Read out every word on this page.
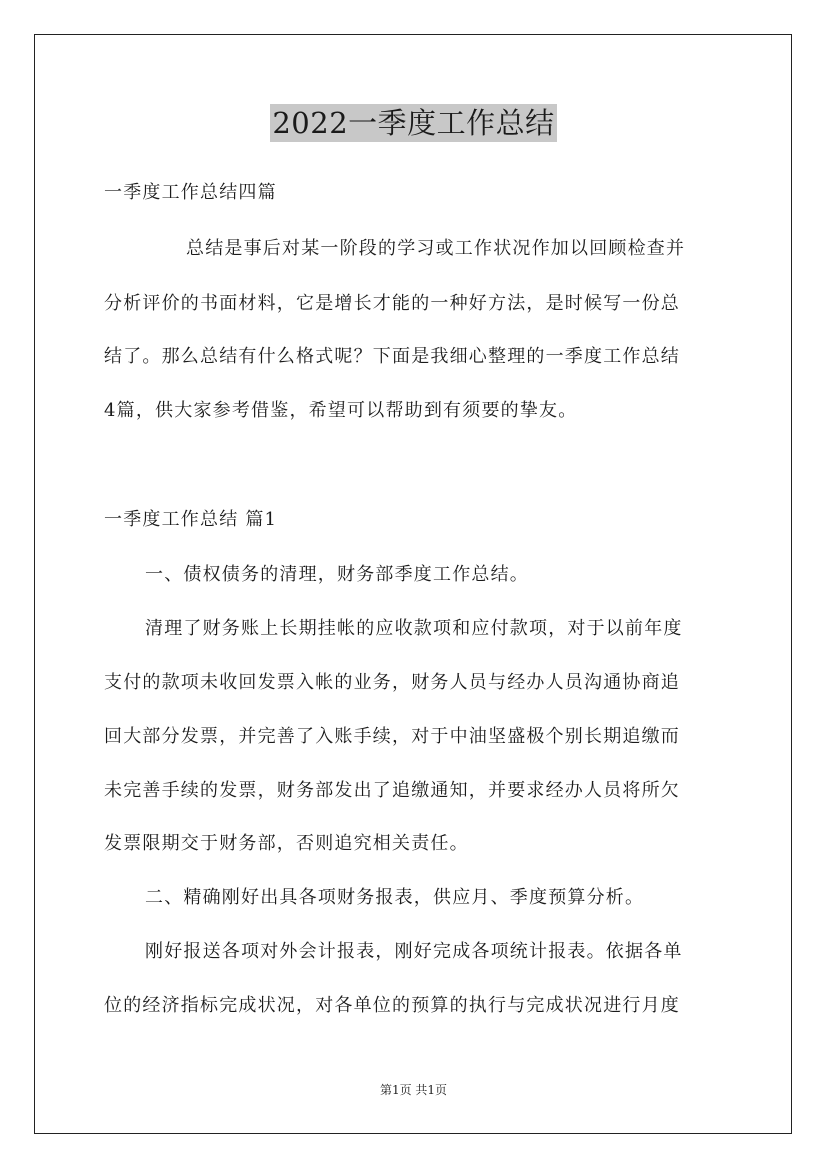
2022一季度工作总结
一季度工作总结四篇
总结是事后对某一阶段的学习或工作状况作加以回顾检查并
分析评价的书面材料，它是增长才能的一种好方法，是时候写一份总
结了。那么总结有什么格式呢？下面是我细心整理的一季度工作总结
4篇，供大家参考借鉴，希望可以帮助到有须要的挚友。
一季度工作总结 篇1
一、债权债务的清理，财务部季度工作总结。
清理了财务账上长期挂帐的应收款项和应付款项，对于以前年度
支付的款项未收回发票入帐的业务，财务人员与经办人员沟通协商追
回大部分发票，并完善了入账手续，对于中油坚盛极个别长期追缴而
未完善手续的发票，财务部发出了追缴通知，并要求经办人员将所欠
发票限期交于财务部，否则追究相关责任。
二、精确刚好出具各项财务报表，供应月、季度预算分析。
刚好报送各项对外会计报表，刚好完成各项统计报表。依据各单
位的经济指标完成状况，对各单位的预算的执行与完成状况进行月度
第1页 共1页
